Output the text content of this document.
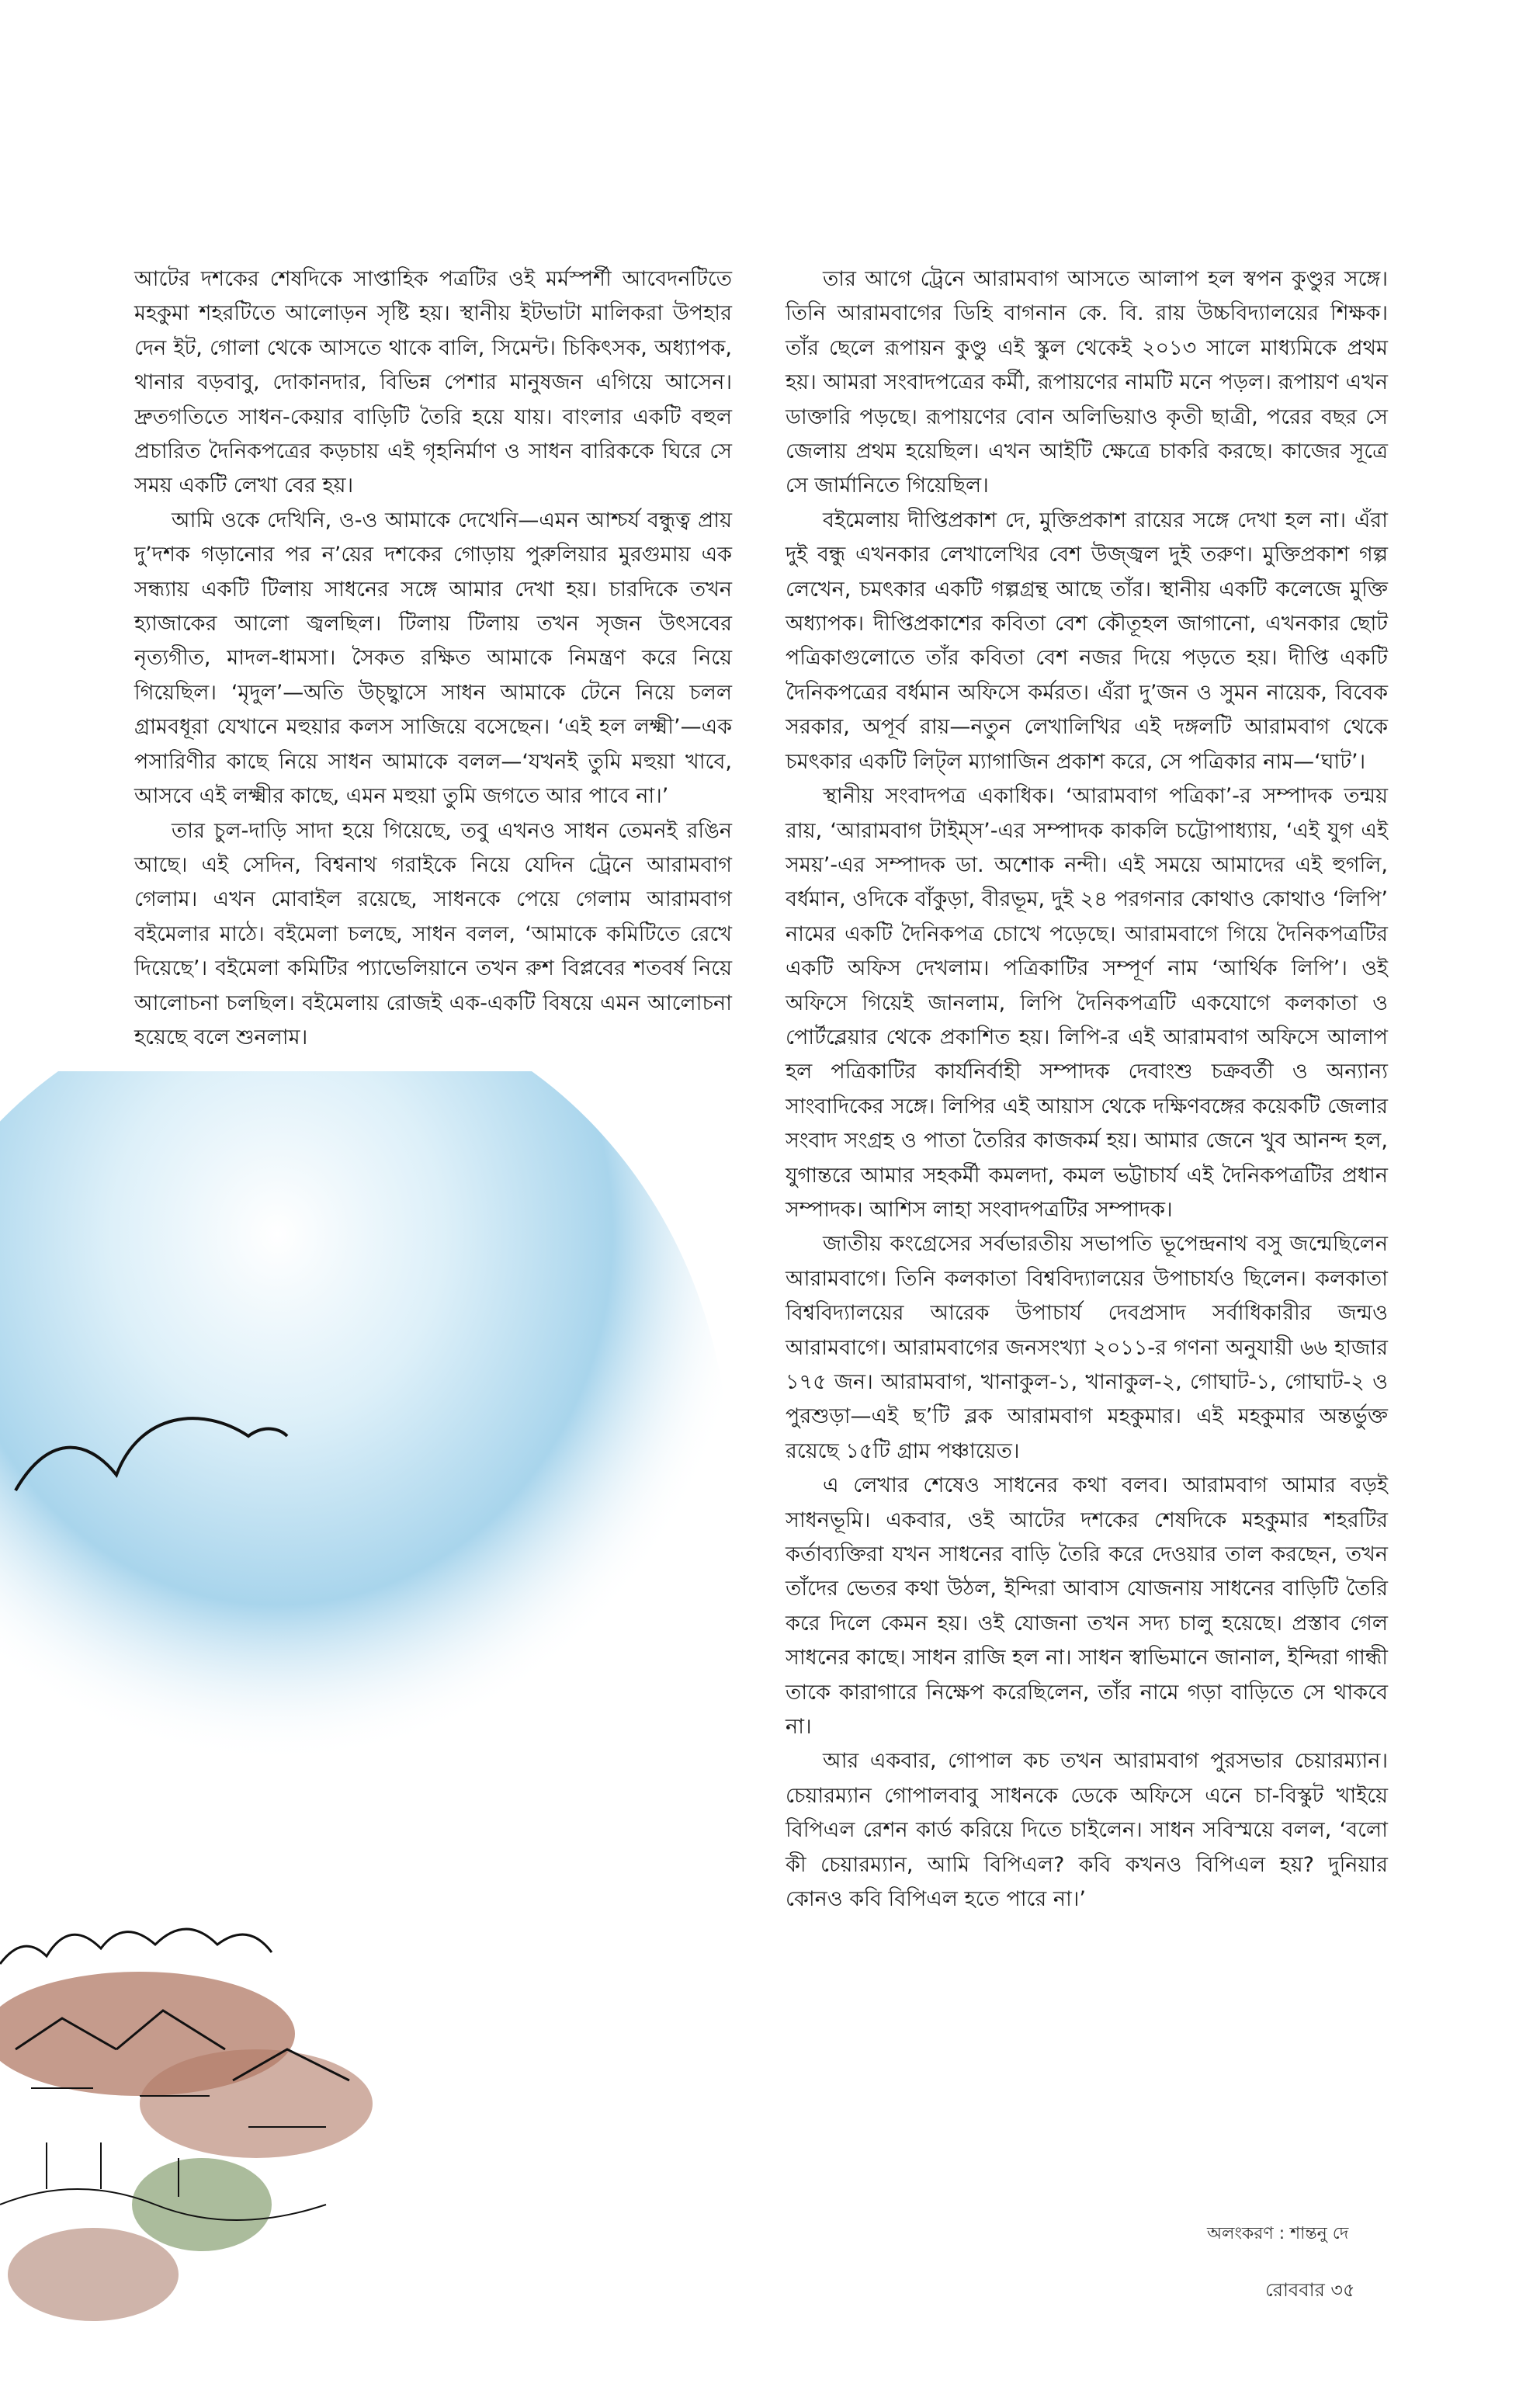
আটের দশকের শেষদিকে সাপ্তাহিক পত্রটির ওই মর্মস্পর্শী আবেদনটিতে মহকুমা শহরটিতে আলোড়ন সৃষ্টি হয়। স্থানীয় ইটভাটা মালিকরা উপহার দেন ইট, গোলা থেকে আসতে থাকে বালি, সিমেন্ট। চিকিৎসক, অধ্যাপক, থানার বড়বাবু, দোকানদার, বিভিন্ন পেশার মানুষজন এগিয়ে আসেন। দ্রুতগতিতে সাধন-কেয়ার বাড়িটি তৈরি হয়ে যায়। বাংলার একটি বহুল প্রচারিত দৈনিকপত্রের কড়চায় এই গৃহনির্মাণ ও সাধন বারিককে ঘিরে সে সময় একটি লেখা বের হয়।

আমি ওকে দেখিনি, ও-ও আমাকে দেখেনি—এমন আশ্চর্য বন্ধুত্ব প্রায় দু’দশক গড়ানোর পর ন’য়ের দশকের গোড়ায় পুরুলিয়ার মুরগুমায় এক সন্ধ্যায় একটি টিলায় সাধনের সঙ্গে আমার দেখা হয়। চারদিকে তখন হ্যাজাকের আলো জ্বলছিল। টিলায় টিলায় তখন সৃজন উৎসবের নৃত্যগীত, মাদল-ধামসা। সৈকত রক্ষিত আমাকে নিমন্ত্রণ করে নিয়ে গিয়েছিল। ‘মৃদুল’—অতি উচ্ছ্বাসে সাধন আমাকে টেনে নিয়ে চলল গ্রামবধূরা যেখানে মহুয়ার কলস সাজিয়ে বসেছেন। ‘এই হল লক্ষ্মী’—এক পসারিণীর কাছে নিয়ে সাধন আমাকে বলল—‘যখনই তুমি মহুয়া খাবে, আসবে এই লক্ষ্মীর কাছে, এমন মহুয়া তুমি জগতে আর পাবে না।’

তার চুল-দাড়ি সাদা হয়ে গিয়েছে, তবু এখনও সাধন তেমনই রঙিন আছে। এই সেদিন, বিশ্বনাথ গরাইকে নিয়ে যেদিন ট্রেনে আরামবাগ গেলাম। এখন মোবাইল রয়েছে, সাধনকে পেয়ে গেলাম আরামবাগ বইমেলার মাঠে। বইমেলা চলছে, সাধন বলল, ‘আমাকে কমিটিতে রেখে দিয়েছে’। বইমেলা কমিটির প্যাভেলিয়ানে তখন রুশ বিপ্লবের শতবর্ষ নিয়ে আলোচনা চলছিল। বইমেলায় রোজই এক-একটি বিষয়ে এমন আলোচনা হয়েছে বলে শুনলাম।

তার আগে ট্রেনে আরামবাগ আসতে আলাপ হল স্বপন কুণ্ডুর সঙ্গে। তিনি আরামবাগের ডিহি বাগনান কে. বি. রায় উচ্চবিদ্যালয়ের শিক্ষক। তাঁর ছেলে রূপায়ন কুণ্ডু এই স্কুল থেকেই ২০১৩ সালে মাধ্যমিকে প্রথম হয়। আমরা সংবাদপত্রের কর্মী, রূপায়ণের নামটি মনে পড়ল। রূপায়ণ এখন ডাক্তারি পড়ছে। রূপায়ণের বোন অলিভিয়াও কৃতী ছাত্রী, পরের বছর সে জেলায় প্রথম হয়েছিল। এখন আইটি ক্ষেত্রে চাকরি করছে। কাজের সূত্রে সে জার্মানিতে গিয়েছিল।

বইমেলায় দীপ্তিপ্রকাশ দে, মুক্তিপ্রকাশ রায়ের সঙ্গে দেখা হল না। এঁরা দুই বন্ধু এখনকার লেখালেখির বেশ উজ্জ্বল দুই তরুণ। মুক্তিপ্রকাশ গল্প লেখেন, চমৎকার একটি গল্পগ্রন্থ আছে তাঁর। স্থানীয় একটি কলেজে মুক্তি অধ্যাপক। দীপ্তিপ্রকাশের কবিতা বেশ কৌতূহল জাগানো, এখনকার ছোট পত্রিকাগুলোতে তাঁর কবিতা বেশ নজর দিয়ে পড়তে হয়। দীপ্তি একটি দৈনিকপত্রের বর্ধমান অফিসে কর্মরত। এঁরা দু’জন ও সুমন নায়েক, বিবেক সরকার, অপূর্ব রায়—নতুন লেখালিখির এই দঙ্গলটি আরামবাগ থেকে চমৎকার একটি লিট্‌ল ম্যাগাজিন প্রকাশ করে, সে পত্রিকার নাম—‘ঘাট’।

স্থানীয় সংবাদপত্র একাধিক। ‘আরামবাগ পত্রিকা’-র সম্পাদক তন্ময় রায়, ‘আরামবাগ টাইম্‌স’-এর সম্পাদক কাকলি চট্টোপাধ্যায়, ‘এই যুগ এই সময়’-এর সম্পাদক ডা. অশোক নন্দী। এই সময়ে আমাদের এই হুগলি, বর্ধমান, ওদিকে বাঁকুড়া, বীরভূম, দুই ২৪ পরগনার কোথাও কোথাও ‘লিপি’ নামের একটি দৈনিকপত্র চোখে পড়েছে। আরামবাগে গিয়ে দৈনিকপত্রটির একটি অফিস দেখলাম। পত্রিকাটির সম্পূর্ণ নাম ‘আর্থিক লিপি’। ওই অফিসে গিয়েই জানলাম, লিপি দৈনিকপত্রটি একযোগে কলকাতা ও পোর্টব্লেয়ার থেকে প্রকাশিত হয়। লিপি-র এই আরামবাগ অফিসে আলাপ হল পত্রিকাটির কার্যনির্বাহী সম্পাদক দেবাংশু চক্রবর্তী ও অন্যান্য সাংবাদিকের সঙ্গে। লিপির এই আয়াস থেকে দক্ষিণবঙ্গের কয়েকটি জেলার সংবাদ সংগ্রহ ও পাতা তৈরির কাজকর্ম হয়। আমার জেনে খুব আনন্দ হল, যুগান্তরে আমার সহকর্মী কমলদা, কমল ভট্টাচার্য এই দৈনিকপত্রটির প্রধান সম্পাদক। আশিস লাহা সংবাদপত্রটির সম্পাদক।

জাতীয় কংগ্রেসের সর্বভারতীয় সভাপতি ভূপেন্দ্রনাথ বসু জন্মেছিলেন আরামবাগে। তিনি কলকাতা বিশ্ববিদ্যালয়ের উপাচার্যও ছিলেন। কলকাতা বিশ্ববিদ্যালয়ের আরেক উপাচার্য দেবপ্রসাদ সর্বাধিকারীর জন্মও আরামবাগে। আরামবাগের জনসংখ্যা ২০১১-র গণনা অনুযায়ী ৬৬ হাজার ১৭৫ জন। আরামবাগ, খানাকুল-১, খানাকুল-২, গোঘাট-১, গোঘাট-২ ও পুরশুড়া—এই ছ’টি ব্লক আরামবাগ মহকুমার। এই মহকুমার অন্তর্ভুক্ত রয়েছে ১৫টি গ্রাম পঞ্চায়েত।

এ লেখার শেষেও সাধনের কথা বলব। আরামবাগ আমার বড়ই সাধনভূমি। একবার, ওই আটের দশকের শেষদিকে মহকুমার শহরটির কর্তাব্যক্তিরা যখন সাধনের বাড়ি তৈরি করে দেওয়ার তাল করছেন, তখন তাঁদের ভেতর কথা উঠল, ইন্দিরা আবাস যোজনায় সাধনের বাড়িটি তৈরি করে দিলে কেমন হয়। ওই যোজনা তখন সদ্য চালু হয়েছে। প্রস্তাব গেল সাধনের কাছে। সাধন রাজি হল না। সাধন স্বাভিমানে জানাল, ইন্দিরা গান্ধী তাকে কারাগারে নিক্ষেপ করেছিলেন, তাঁর নামে গড়া বাড়িতে সে থাকবে না।

আর একবার, গোপাল কচ তখন আরামবাগ পুরসভার চেয়ারম্যান। চেয়ারম্যান গোপালবাবু সাধনকে ডেকে অফিসে এনে চা-বিস্কুট খাইয়ে বিপিএল রেশন কার্ড করিয়ে দিতে চাইলেন। সাধন সবিস্ময়ে বলল, ‘বলো কী চেয়ারম্যান, আমি বিপিএল? কবি কখনও বিপিএল হয়? দুনিয়ার কোনও কবি বিপিএল হতে পারে না।’

অলংকরণ : শান্তনু দে
রোববার ৩৫
